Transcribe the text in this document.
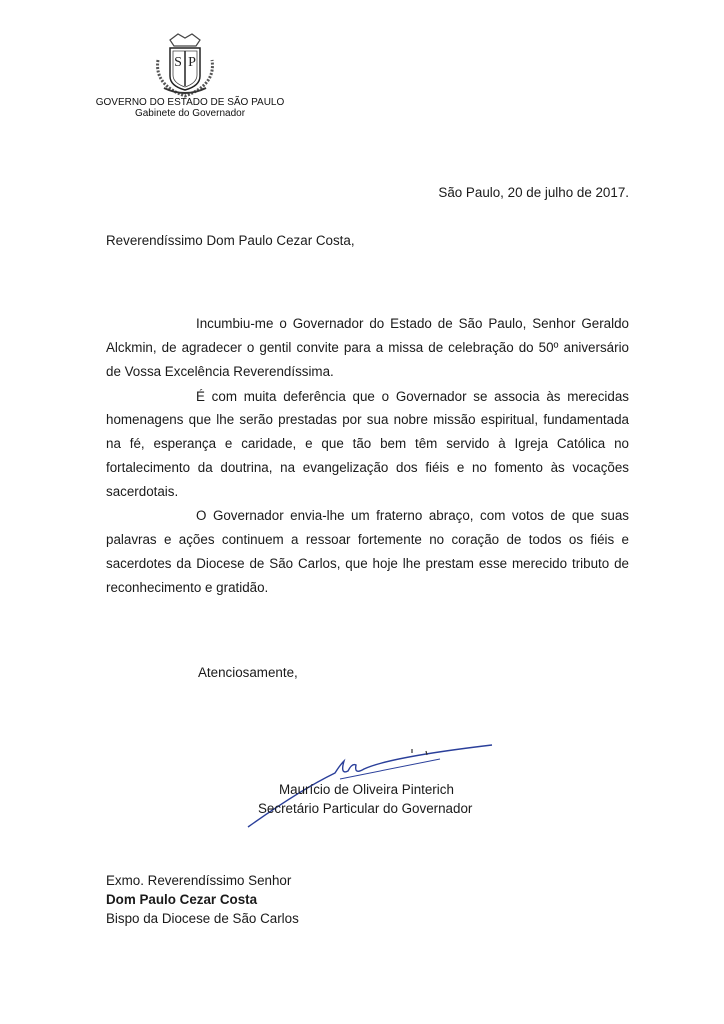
S P
GOVERNO DO ESTADO DE SÃO PAULO
Gabinete do Governador
São Paulo, 20 de julho de 2017.
Reverendíssimo Dom Paulo Cezar Costa,
Incumbiu-me o Governador do Estado de São Paulo, Senhor Geraldo
Alckmin, de agradecer o gentil convite para a missa de celebração do 50º aniversário
de Vossa Excelência Reverendíssima.
É com muita deferência que o Governador se associa às merecidas
homenagens que lhe serão prestadas por sua nobre missão espiritual, fundamentada
na fé, esperança e caridade, e que tão bem têm servido à Igreja Católica no
fortalecimento da doutrina, na evangelização dos fiéis e no fomento às vocações
sacerdotais.
O Governador envia-lhe um fraterno abraço, com votos de que suas
palavras e ações continuem a ressoar fortemente no coração de todos os fiéis e
sacerdotes da Diocese de São Carlos, que hoje lhe prestam esse merecido tributo de
reconhecimento e gratidão.
Atenciosamente,
Maurício de Oliveira Pinterich
Secretário Particular do Governador
Exmo. Reverendíssimo Senhor
Dom Paulo Cezar Costa
Bispo da Diocese de São Carlos
